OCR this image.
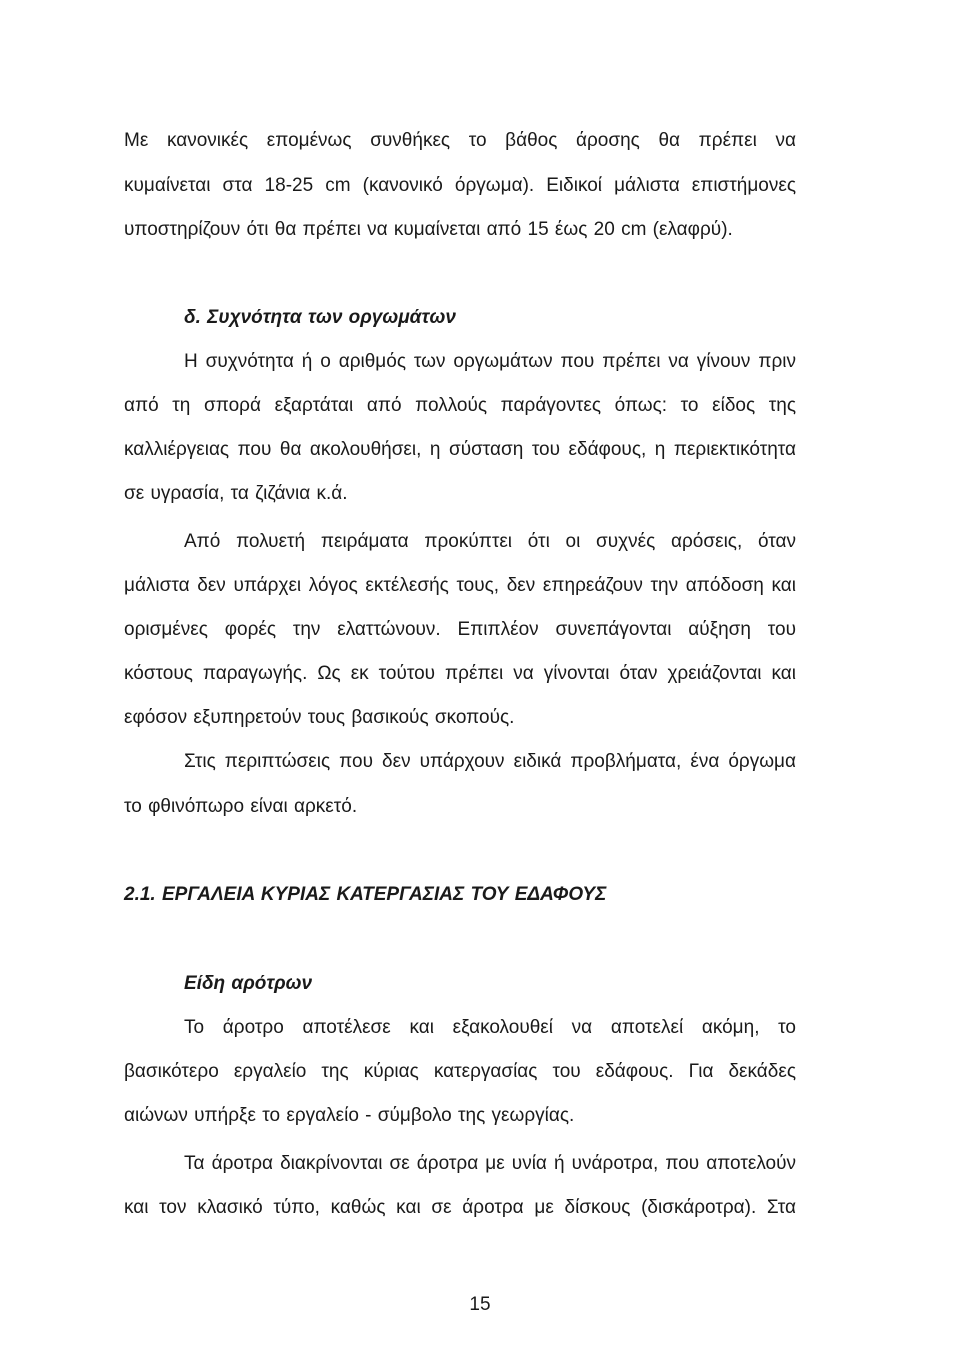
Με κανονικές επομένως συνθήκες το βάθος άροσης θα πρέπει να
κυμαίνεται στα 18-25 cm (κανονικό όργωμα). Ειδικοί μάλιστα επιστήμονες
υποστηρίζουν ότι θα πρέπει να κυμαίνεται από 15 έως 20 cm (ελαφρύ).
δ. Συχνότητα των οργωμάτων
Η συχνότητα ή ο αριθμός των οργωμάτων που πρέπει να γίνουν πριν
από τη σπορά εξαρτάται από πολλούς παράγοντες όπως: το είδος της
καλλιέργειας που θα ακολουθήσει, η σύσταση του εδάφους, η περιεκτικότητα
σε υγρασία, τα ζιζάνια κ.ά.
Από πολυετή πειράματα προκύπτει ότι οι συχνές αρόσεις, όταν
μάλιστα δεν υπάρχει λόγος εκτέλεσής τους, δεν επηρεάζουν την απόδοση και
ορισμένες φορές την ελαττώνουν. Επιπλέον συνεπάγονται αύξηση του
κόστους παραγωγής. Ως εκ τούτου πρέπει να γίνονται όταν χρειάζονται και
εφόσον εξυπηρετούν τους βασικούς σκοπούς.
Στις περιπτώσεις που δεν υπάρχουν ειδικά προβλήματα, ένα όργωμα
το φθινόπωρο είναι αρκετό.
2.1. ΕΡΓΑΛΕΙΑ ΚΥΡΙΑΣ ΚΑΤΕΡΓΑΣΙΑΣ ΤΟΥ ΕΔΑΦΟΥΣ
Είδη αρότρων
Το άροτρο αποτέλεσε και εξακολουθεί να αποτελεί ακόμη, το
βασικότερο εργαλείο της κύριας κατεργασίας του εδάφους. Για δεκάδες
αιώνων υπήρξε το εργαλείο - σύμβολο της γεωργίας.
Τα άροτρα διακρίνονται σε άροτρα με υνία ή υνάροτρα, που αποτελούν
και τον κλασικό τύπο, καθώς και σε άροτρα με δίσκους (δισκάροτρα). Στα
15
